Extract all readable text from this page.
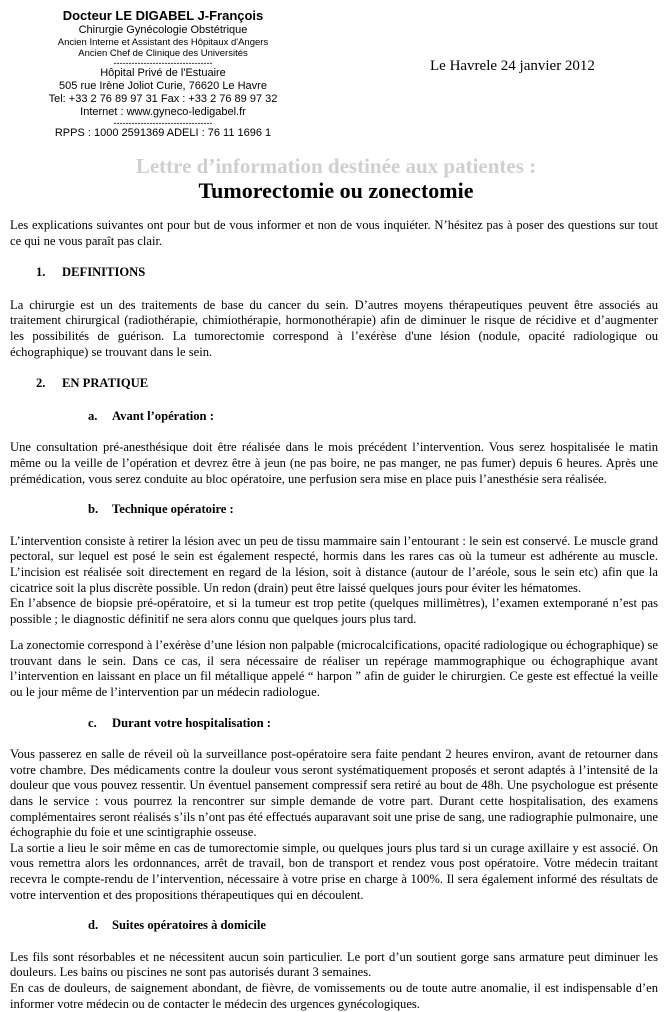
Docteur LE DIGABEL J-François
Chirurgie Gynécologie Obstétrique
Ancien Interne et Assistant des Hôpitaux d'Angers
Ancien Chef de Clinique des Universités
---------------------------------
Hôpital Privé de l'Estuaire
505 rue Irène Joliot Curie, 76620 Le Havre
Tel: +33 2 76 89 97 31 Fax : +33 2 76 89 97 32
Internet : www.gyneco-ledigabel.fr
---------------------------------
RPPS : 1000 2591369 ADELI : 76 11 1696 1
Le Havrele 24 janvier 2012
Lettre d’information destinée aux patientes :
Tumorectomie ou zonectomie

Les explications suivantes ont pour but de vous informer et non de vous inquiéter. N’hésitez pas à poser des questions sur tout ce qui ne vous paraît pas clair.

1. DEFINITIONS

La chirurgie est un des traitements de base du cancer du sein. D’autres moyens thérapeutiques peuvent être associés au traitement chirurgical (radiothérapie, chimiothérapie, hormonothérapie) afin de diminuer le risque de récidive et d’augmenter les possibilités de guérison. La tumorectomie correspond à l’exérèse d'une lésion (nodule, opacité radiologique ou échographique) se trouvant dans le sein.

2. EN PRATIQUE
a. Avant l’opération :

Une consultation pré-anesthésique doit être réalisée dans le mois précédent l’intervention. Vous serez hospitalisée le matin même ou la veille de l’opération et devrez être à jeun (ne pas boire, ne pas manger, ne pas fumer) depuis 6 heures. Après une prémédication, vous serez conduite au bloc opératoire, une perfusion sera mise en place puis l’anesthésie sera réalisée.

b. Technique opératoire :

L’intervention consiste à retirer la lésion avec un peu de tissu mammaire sain l’entourant : le sein est conservé. Le muscle grand pectoral, sur lequel est posé le sein est également respecté, hormis dans les rares cas où la tumeur est adhérente au muscle. L’incision est réalisée soit directement en regard de la lésion, soit à distance (autour de l’aréole, sous le sein etc) afin que la cicatrice soit la plus discrète possible. Un redon (drain) peut être laissé quelques jours pour éviter les hématomes.

En l’absence de biopsie pré-opératoire, et si la tumeur est trop petite (quelques millimètres), l’examen extemporané n’est pas possible ; le diagnostic définitif ne sera alors connu que quelques jours plus tard.

La zonectomie correspond à l’exérèse d’une lésion non palpable (microcalcifications, opacité radiologique ou échographique) se trouvant dans le sein. Dans ce cas, il sera nécessaire de réaliser un repérage mammographique ou échographique avant l’intervention en laissant en place un fil métallique appelé “ harpon ” afin de guider le chirurgien. Ce geste est effectué la veille ou le jour même de l’intervention par un médecin radiologue.

c. Durant votre hospitalisation :

Vous passerez en salle de réveil où la surveillance post-opératoire sera faite pendant 2 heures environ, avant de retourner dans votre chambre. Des médicaments contre la douleur vous seront systématiquement proposés et seront adaptés à l’intensité de la douleur que vous pouvez ressentir. Un éventuel pansement compressif sera retiré au bout de 48h. Une psychologue est présente dans le service : vous pourrez la rencontrer sur simple demande de votre part. Durant cette hospitalisation, des examens complémentaires seront réalisés s’ils n’ont pas été effectués auparavant soit une prise de sang, une radiographie pulmonaire, une échographie du foie et une scintigraphie osseuse.

La sortie a lieu le soir même en cas de tumorectomie simple, ou quelques jours plus tard si un curage axillaire y est associé. On vous remettra alors les ordonnances, arrêt de travail, bon de transport et rendez vous post opératoire. Votre médecin traitant recevra le compte-rendu de l’intervention, nécessaire à votre prise en charge à 100%. Il sera également informé des résultats de votre intervention et des propositions thérapeutiques qui en découlent.

d. Suites opératoires à domicile

Les fils sont résorbables et ne nécessitent aucun soin particulier. Le port d’un soutient gorge sans armature peut diminuer les douleurs. Les bains ou piscines ne sont pas autorisés durant 3 semaines.

En cas de douleurs, de saignement abondant, de fièvre, de vomissements ou de toute autre anomalie, il est indispensable d’en informer votre médecin ou de contacter le médecin des urgences gynécologiques.
